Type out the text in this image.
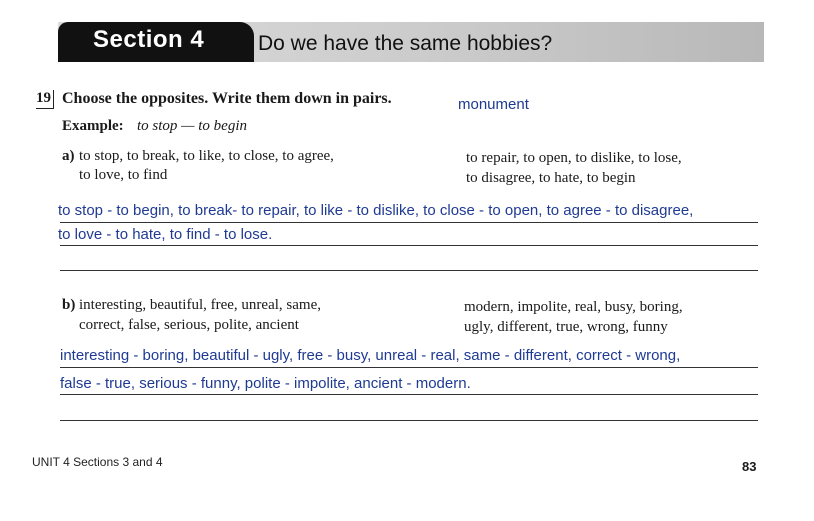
Section 4	Do we have the same hobbies?
19 Choose the opposites. Write them down in pairs.	monument
Example: to stop — to begin
a) to stop, to break, to like, to close, to agree,
to love, to find
to repair, to open, to dislike, to lose,
to disagree, to hate, to begin
to stop - to begin, to break- to repair, to like - to dislike, to close - to open, to agree - to disagree,
to love - to hate, to find - to lose.
b) interesting, beautiful, free, unreal, same,
correct, false, serious, polite, ancient
modern, impolite, real, busy, boring,
ugly, different, true, wrong, funny
interesting - boring, beautiful - ugly, free - busy, unreal - real, same - different, correct - wrong,
false - true, serious - funny, polite - impolite, ancient - modern.
UNIT 4 Sections 3 and 4	83
